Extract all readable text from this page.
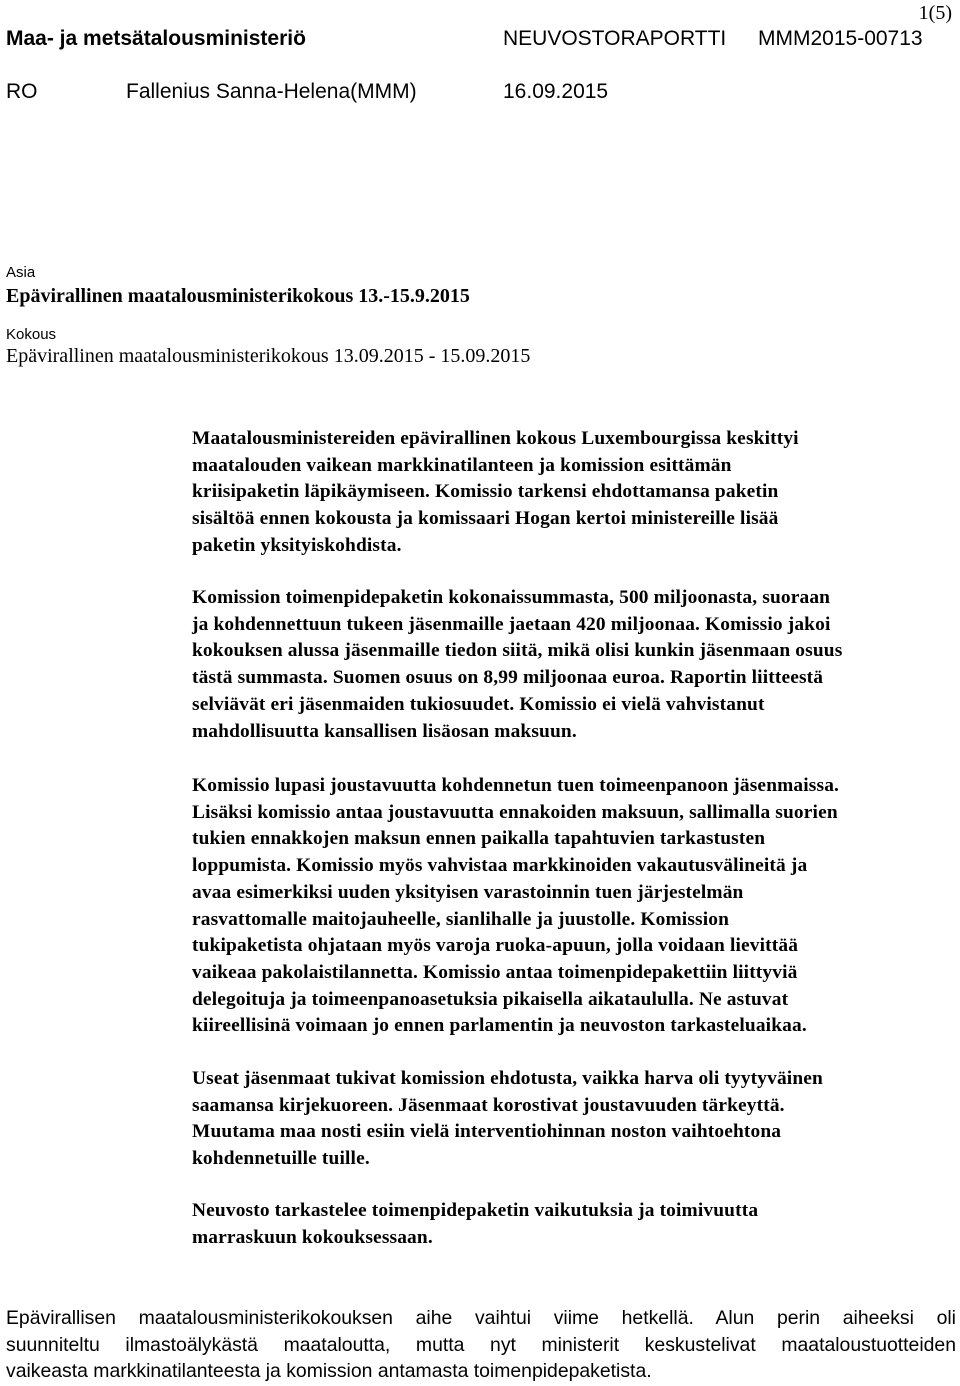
1(5)
Maa- ja metsätalousministeriö	NEUVOSTORAPORTTI MMM2015-00713
RO	Fallenius Sanna-Helena(MMM)	16.09.2015
Asia
Epävirallinen maatalousministerikokous 13.-15.9.2015
Kokous
Epävirallinen maatalousministerikokous 13.09.2015 - 15.09.2015

Maatalousministereiden epävirallinen kokous Luxembourgissa keskittyi

maatalouden vaikean markkinatilanteen ja komission esittämän

kriisipaketin läpikäymiseen. Komissio tarkensi ehdottamansa paketin

sisältöä ennen kokousta ja komissaari Hogan kertoi ministereille lisää

paketin yksityiskohdista.

Komission toimenpidepaketin kokonaissummasta, 500 miljoonasta, suoraan

ja kohdennettuun tukeen jäsenmaille jaetaan 420 miljoonaa. Komissio jakoi

kokouksen alussa jäsenmaille tiedon siitä, mikä olisi kunkin jäsenmaan osuus

tästä summasta. Suomen osuus on 8,99 miljoonaa euroa. Raportin liitteestä

selviävät eri jäsenmaiden tukiosuudet. Komissio ei vielä vahvistanut

mahdollisuutta kansallisen lisäosan maksuun.

Komissio lupasi joustavuutta kohdennetun tuen toimeenpanoon jäsenmaissa.

Lisäksi komissio antaa joustavuutta ennakoiden maksuun, sallimalla suorien

tukien ennakkojen maksun ennen paikalla tapahtuvien tarkastusten

loppumista. Komissio myös vahvistaa markkinoiden vakautusvälineitä ja

avaa esimerkiksi uuden yksityisen varastoinnin tuen järjestelmän

rasvattomalle maitojauheelle, sianlihalle ja juustolle. Komission

tukipaketista ohjataan myös varoja ruoka-apuun, jolla voidaan lievittää

vaikeaa pakolaistilannetta. Komissio antaa toimenpidepakettiin liittyviä

delegoituja ja toimeenpanoasetuksia pikaisella aikataululla. Ne astuvat

kiireellisinä voimaan jo ennen parlamentin ja neuvoston tarkasteluaikaa.

Useat jäsenmaat tukivat komission ehdotusta, vaikka harva oli tyytyväinen

saamansa kirjekuoreen. Jäsenmaat korostivat joustavuuden tärkeyttä.

Muutama maa nosti esiin vielä interventiohinnan noston vaihtoehtona

kohdennetuille tuille.

Neuvosto tarkastelee toimenpidepaketin vaikutuksia ja toimivuutta

marraskuun kokouksessaan.

Epävirallisen maatalousministerikokouksen aihe vaihtui viime hetkellä. Alun perin aiheeksi oli
suunniteltu ilmastoälykästä maataloutta, mutta nyt ministerit keskustelivat maataloustuotteiden
vaikeasta markkinatilanteesta ja komission antamasta toimenpidepaketista.
